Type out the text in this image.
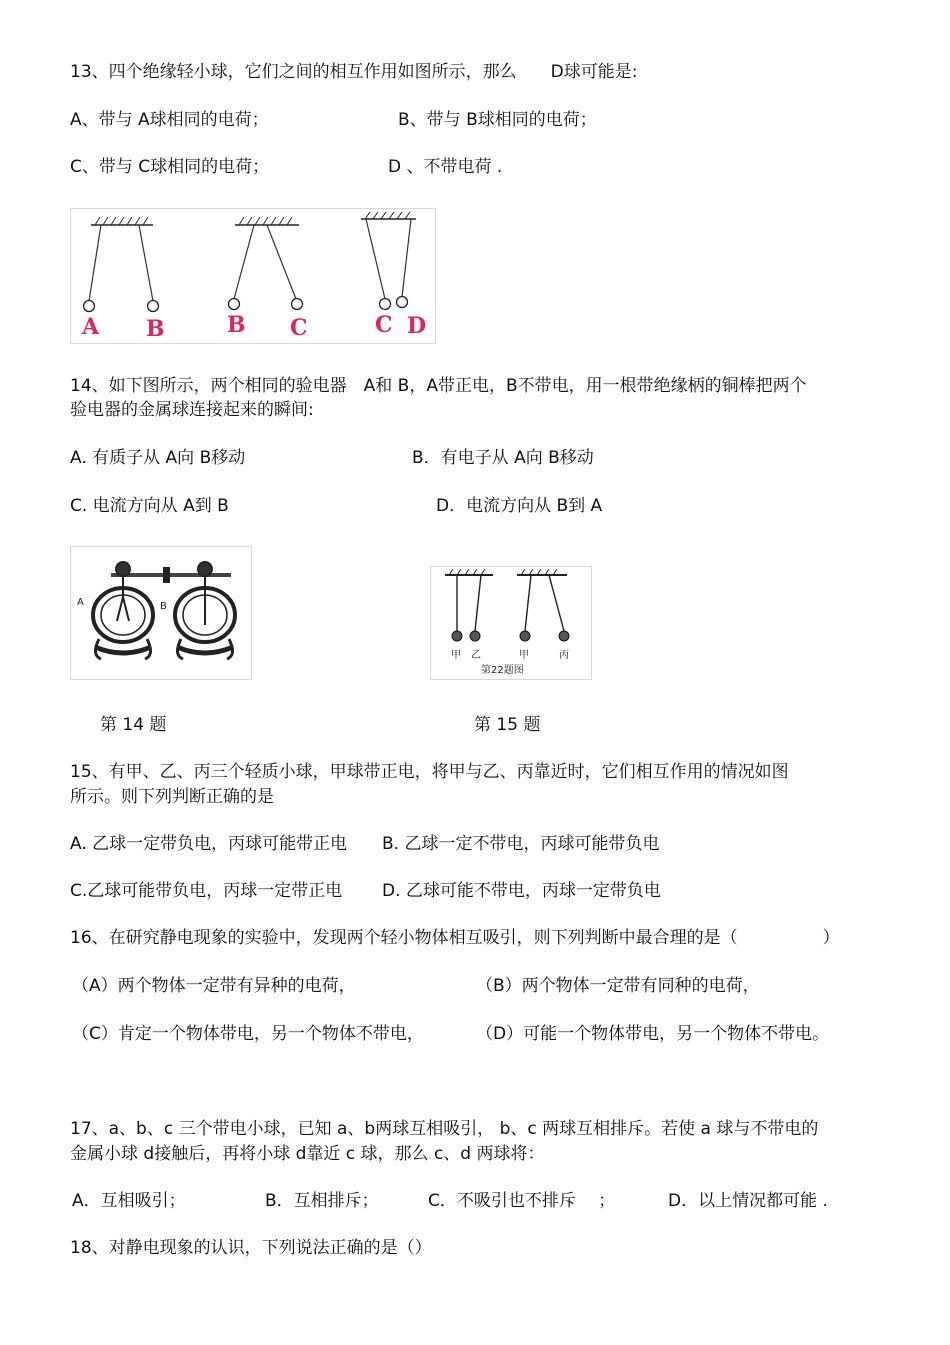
13、四个绝缘轻小球，它们之间的相互作用如图所示，那么　　D球可能是:
A、带与 A球相同的电荷；	B、带与 B球相同的电荷；
C、带与 C球相同的电荷；	D 、不带电荷 .
A B	B C	C D
14、如下图所示，两个相同的验电器　A和 B，A带正电，B不带电，用一根带绝缘柄的铜棒把两个
验电器的金属球连接起来的瞬间:
A. 有质子从 A向 B移动	B．有电子从 A向 B移动
C. 电流方向从 A到 B	D．电流方向从 B到 A
A	B
甲 乙	甲	丙
第22题图
第 14 题	第 15 题
15、有甲、乙、丙三个轻质小球，甲球带正电，将甲与乙、丙靠近时，它们相互作用的情况如图
所示。则下列判断正确的是
A. 乙球一定带负电，丙球可能带正电 B. 乙球一定不带电，丙球可能带负电
C.乙球可能带负电，丙球一定带正电 D. 乙球可能不带电，丙球一定带负电
16、在研究静电现象的实验中，发现两个轻小物体相互吸引，则下列判断中最合理的是（　　　　　）
（A）两个物体一定带有异种的电荷，	（B）两个物体一定带有同种的电荷，
（C）肯定一个物体带电，另一个物体不带电，	（D）可能一个物体带电，另一个物体不带电。
17、a、b、c 三个带电小球，已知 a、b两球互相吸引， b、c 两球互相排斥。若使 a 球与不带电的
金属小球 d接触后，再将小球 d靠近 c 球，那么 c、d 两球将：
A．互相吸引；	B．互相排斥；	C．不吸引也不排斥　 ；	D．以上情况都可能 .
18、对静电现象的认识，下列说法正确的是（）
